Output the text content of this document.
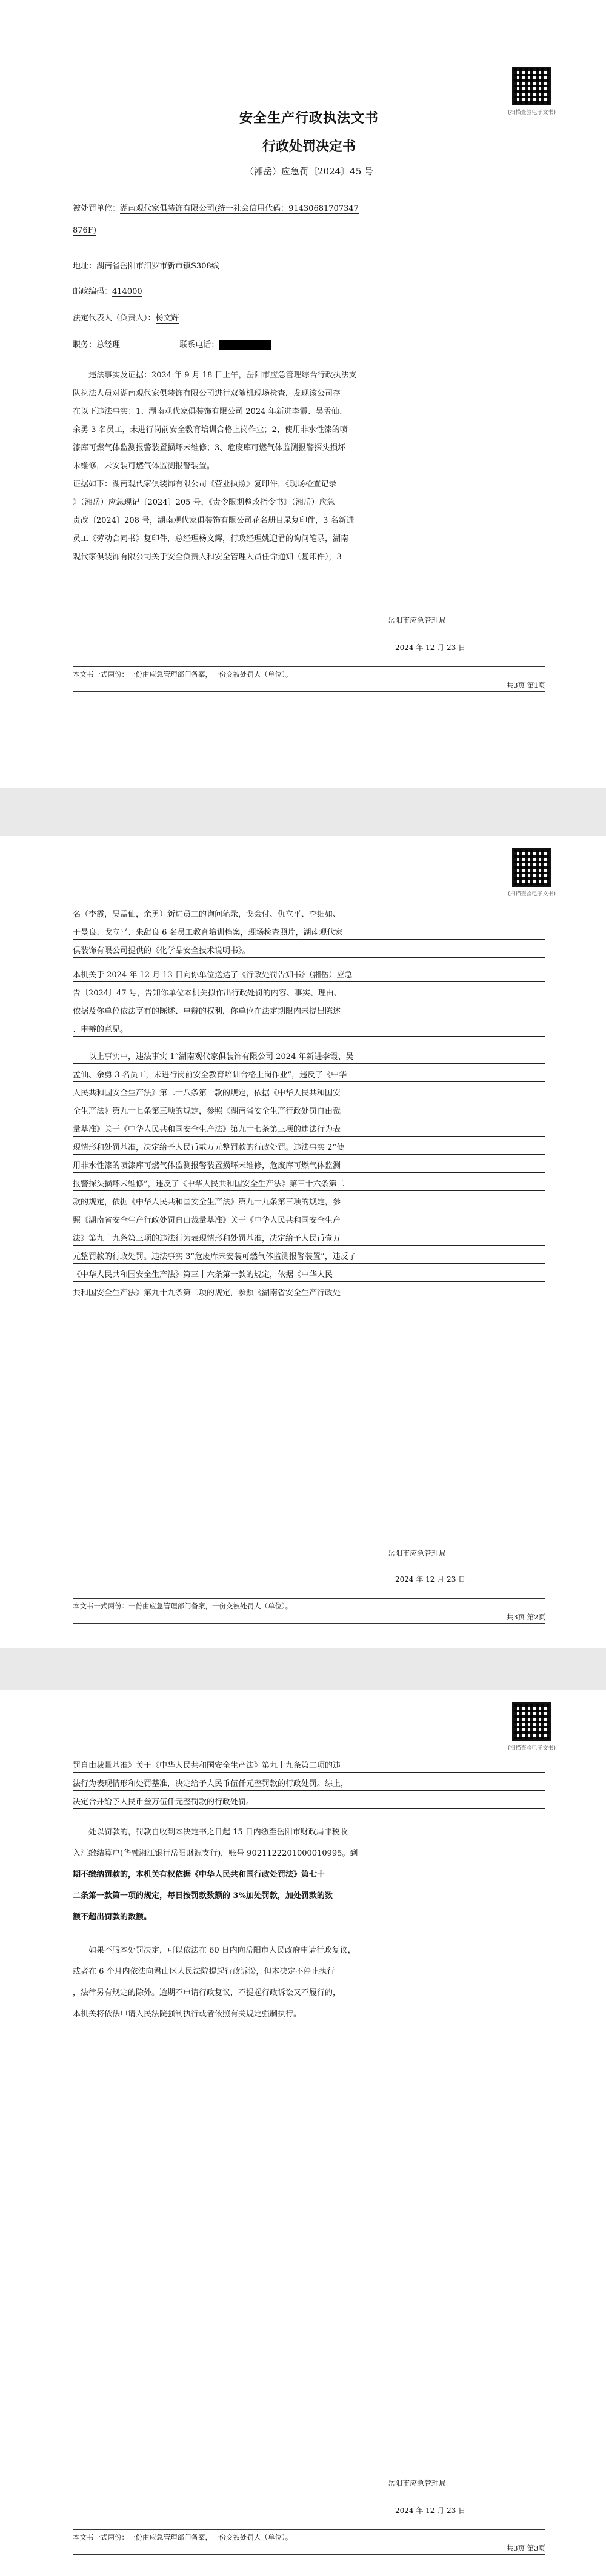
(扫描查验电子文书)
安全生产行政执法文书
行政处罚决定书
（湘岳）应急罚〔2024〕45 号
被处罚单位：湖南观代家俱装饰有限公司(统一社会信用代码：91430681707347
876F)
地址：湖南省岳阳市汨罗市新市镇S308线
邮政编码：414000
法定代表人（负责人）：杨文辉
职务：总经理	联系电话：
违法事实及证据：2024 年 9 月 18 日上午，岳阳市应急管理综合行政执法支
队执法人员对湖南观代家俱装饰有限公司进行双随机现场检查，发现该公司存
在以下违法事实：1、湖南观代家俱装饰有限公司 2024 年新进李霞、吴孟仙、
余勇 3 名员工，未进行岗前安全教育培训合格上岗作业；2、使用非水性漆的喷
漆库可燃气体监测报警装置损坏未维修；3、危废库可燃气体监测报警探头损坏
未维修，未安装可燃气体监测报警装置。
证据如下：湖南观代家俱装饰有限公司《营业执照》复印件，《现场检查记录
》（湘岳）应急现记〔2024〕205 号，《责令限期整改指令书》（湘岳）应急
责改〔2024〕208 号，湖南观代家俱装饰有限公司花名册目录复印件，3 名新进
员工《劳动合同书》复印件，总经理杨文辉，行政经理姚迎君的询问笔录，湖南
观代家俱装饰有限公司关于安全负责人和安全管理人员任命通知（复印件），3
岳阳市应急管理局
2024 年 12 月 23 日
本文书一式两份：一份由应急管理部门备案，一份交被处罚人（单位）。
共3页 第1页
(扫描查验电子文书)
名（李霞，吴孟仙，余勇）新进员工的询问笔录，戈会付、仇立平、李细如、
于曼良、戈立平、朱甜良 6 名员工教育培训档案，现场检查照片，湖南观代家
俱装饰有限公司提供的《化学品安全技术说明书》。
本机关于 2024 年 12 月 13 日向你单位送达了《行政处罚告知书》（湘岳）应急
告〔2024〕47 号，告知你单位本机关拟作出行政处罚的内容、事实、理由、
依据及你单位依法享有的陈述、申辩的权利，你单位在法定期限内未提出陈述
、申辩的意见。
以上事实中，违法事实 1“湖南观代家俱装饰有限公司 2024 年新进李霞、吴
孟仙、余勇 3 名员工，未进行岗前安全教育培训合格上岗作业”，违反了《中华
人民共和国安全生产法》第二十八条第一款的规定，依据《中华人民共和国安
全生产法》第九十七条第三项的规定，参照《湖南省安全生产行政处罚自由裁
量基准》关于《中华人民共和国安全生产法》第九十七条第三项的违法行为表
现情形和处罚基准，决定给予人民币贰万元整罚款的行政处罚。违法事实 2“使
用非水性漆的喷漆库可燃气体监测报警装置损坏未维修，危废库可燃气体监测
报警探头损坏未维修”，违反了《中华人民共和国安全生产法》第三十六条第二
款的规定，依据《中华人民共和国安全生产法》第九十九条第三项的规定，参
照《湖南省安全生产行政处罚自由裁量基准》关于《中华人民共和国安全生产
法》第九十九条第三项的违法行为表现情形和处罚基准，决定给予人民币壹万
元整罚款的行政处罚。违法事实 3“危废库未安装可燃气体监测报警装置”，违反了
《中华人民共和国安全生产法》第三十六条第一款的规定，依据《中华人民
共和国安全生产法》第九十九条第二项的规定，参照《湖南省安全生产行政处
岳阳市应急管理局
2024 年 12 月 23 日
本文书一式两份：一份由应急管理部门备案，一份交被处罚人（单位）。
共3页 第2页
(扫描查验电子文书)
罚自由裁量基准》关于《中华人民共和国安全生产法》第九十九条第二项的违
法行为表现情形和处罚基准，决定给予人民币伍仟元整罚款的行政处罚。综上，
决定合并给予人民币叁万伍仟元整罚款的行政处罚。
处以罚款的，罚款自收到本决定书之日起 15 日内缴至岳阳市财政局非税收
入汇缴结算户(华融湘江银行岳阳财源支行)，账号 9021122201000010995。到
期不缴纳罚款的，本机关有权依据《中华人民共和国行政处罚法》第七十
二条第一款第一项的规定，每日按罚款数额的 3%加处罚款，加处罚款的数
额不超出罚款的数额。
如果不服本处罚决定，可以依法在 60 日内向岳阳市人民政府申请行政复议，
或者在 6 个月内依法向君山区人民法院提起行政诉讼，但本决定不停止执行
，法律另有规定的除外。逾期不申请行政复议，不提起行政诉讼又不履行的，
本机关将依法申请人民法院强制执行或者依照有关规定强制执行。
岳阳市应急管理局
2024 年 12 月 23 日
本文书一式两份：一份由应急管理部门备案，一份交被处罚人（单位）。
共3页 第3页
